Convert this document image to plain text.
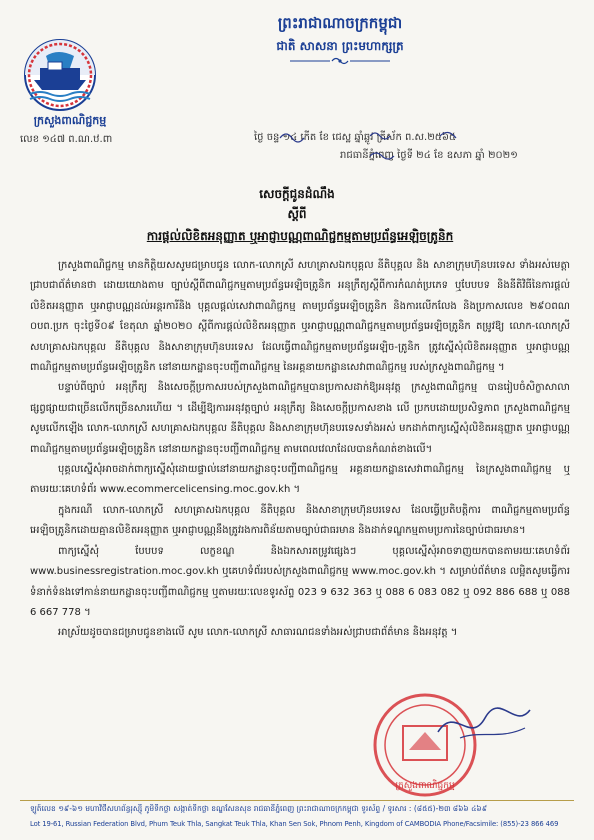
ក្រសួងពាណិជ្ជកម្ម
ព្រះរាជាណាចក្រកម្ពុជា
ជាតិ សាសនា ព្រះមហាក្សត្រ
លេខ ១៤៧ ព.ណ.ឋ.ពា	ថ្ងៃ ចន្ទ ១៤ កើត ខែ ជេស្ឋ ឆ្នាំឆ្លូវ ត្រីស័ក ព.ស.២៥៦៥
រាជធានីភ្នំពេញ ថ្ងៃទី ២៤ ខែ ឧសភា ឆ្នាំ ២០២១
សេចក្តីជូនដំណឹង
ស្តីពី
ការផ្តល់លិខិតអនុញ្ញាត ឬអាជ្ញាបណ្ណពាណិជ្ជកម្មតាមប្រព័ន្ធអេឡិចត្រូនិក

ក្រសួងពាណិជ្ជកម្ម មានកិត្តិយសសូមជម្រាបជូន លោក-លោកស្រី សហគ្រាសឯកបុគ្គល នីតិបុគ្គល និង សាខាក្រុមហ៊ុនបរទេស ទាំងអស់មេត្តាជ្រាបជាព័ត៌មានថា ដោយយោងតាម ច្បាប់ស្តីពីពាណិជ្ជកម្មតាមប្រព័ន្ធអេឡិចត្រូនិក អនុក្រឹត្យស្តីពីការកំណត់ប្រភេទ ឬបែបបទ និងនីតិវិធីនៃការផ្តល់លិខិតអនុញ្ញាត ឬអាជ្ញាបណ្ណដល់អន្តរការីនិង បុគ្គលផ្តល់សេវាពាណិជ្ជកម្ម តាមប្រព័ន្ធអេឡិចត្រូនិក និងការលើកលែង និងប្រកាសលេខ ២៩០ពណ ០បព.ប្រក ចុះថ្ងៃទី០៩ ខែតុលា ឆ្នាំ២០២០ ស្តីពីការផ្តល់លិខិតអនុញ្ញាត ឬអាជ្ញាបណ្ណពាណិជ្ជកម្មតាមប្រព័ន្ធអេឡិចត្រូនិក តម្រូវឱ្យ លោក-លោកស្រី សហគ្រាសឯកបុគ្គល នីតិបុគ្គល និងសាខាក្រុមហ៊ុនបរទេស ដែលធ្វើពាណិជ្ជកម្មតាមប្រព័ន្ធអេឡិច-ត្រូនិក ត្រូវស្នើសុំលិខិតអនុញ្ញាត ឬអាជ្ញាបណ្ណពាណិជ្ជកម្មតាមប្រព័ន្ធអេឡិចត្រូនិក នៅនាយកដ្ឋានចុះបញ្ជីពាណិជ្ជកម្ម នៃអគ្គនាយកដ្ឋានសេវាពាណិជ្ជកម្ម របស់ក្រសួងពាណិជ្ជកម្ម ។

បន្ទាប់ពីច្បាប់ អនុក្រឹត្យ និងសេចក្តីប្រកាសរបស់ក្រសួងពាណិជ្ជកម្មបានប្រកាសដាក់ឱ្យអនុវត្ត ក្រសួងពាណិជ្ជកម្ម បានរៀបចំសិក្ខាសាលាផ្សព្វផ្សាយជាច្រើនលើកច្រើនសារហើយ ។ ដើម្បីឱ្យការអនុវត្តច្បាប់ អនុក្រឹត្យ និងសេចក្តីប្រកាសខាង លើ ប្រកបដោយប្រសិទ្ធភាព ក្រសួងពាណិជ្ជកម្មសូមលើកឡើង លោក-លោកស្រី សហគ្រាសឯកបុគ្គល នីតិបុគ្គល និងសាខាក្រុមហ៊ុនបរទេសទាំងអស់ មកដាក់ពាក្យស្នើសុំលិខិតអនុញ្ញាត ឬអាជ្ញាបណ្ណ ពាណិជ្ជកម្មតាមប្រព័ន្ធអេឡិចត្រូនិក នៅនាយកដ្ឋានចុះបញ្ជីពាណិជ្ជកម្ម តាមពេលវេលាដែលបានកំណត់ខាងលើ។

បុគ្គលស្នើសុំអាចដាក់ពាក្យស្នើសុំដោយផ្ទាល់នៅនាយកដ្ឋានចុះបញ្ជីពាណិជ្ជកម្ម អគ្គនាយកដ្ឋានសេវាពាណិជ្ជកម្ម នៃក្រសួងពាណិជ្ជកម្ម ឬតាមរយៈគេហទំព័រ www.ecommercelicensing.moc.gov.kh ។

ក្នុងករណី លោក-លោកស្រី សហគ្រាសឯកបុគ្គល នីតិបុគ្គល និងសាខាក្រុមហ៊ុនបរទេស ដែលធ្វើប្រតិបត្តិការ ពាណិជ្ជកម្មតាមប្រព័ន្ធអេឡិចត្រូនិកដោយគ្មានលិខិតអនុញ្ញាត ឬអាជ្ញាបណ្ណនឹងត្រូវរងការពិន័យតាមច្បាប់ជាធរមាន និងដាក់ទណ្ឌកម្មតាមប្រការនៃច្បាប់ជាធរមាន។

ពាក្យស្នើសុំ បែបបទ លក្ខខណ្ឌ និងឯកសារតម្រូវផ្សេងៗ បុគ្គលស្នើសុំអាចទាញយកបានតាមរយៈគេហទំព័រ www.businessregistration.moc.gov.kh ឬគេហទំព័ររបស់ក្រសួងពាណិជ្ជកម្ម www.moc.gov.kh ។ សម្រាប់ព័ត៌មាន លម្អិតសូមធ្វើការទំនាក់ទំនងទៅកាន់នាយកដ្ឋានចុះបញ្ជីពាណិជ្ជកម្ម ឬតាមរយៈលេខទូរស័ព្ទ 023 9 632 363 ឬ 088 6 083 082 ឬ 092 886 688 ឬ 088 6 667 778 ។

អាស្រ័យដូចបានជម្រាបជូនខាងលើ សូម លោក-លោកស្រី សាធារណជនទាំងអស់ជ្រាបជាព័ត៌មាន និងអនុវត្ត ។

ក្រសួងពាណិជ្ជកម្ម
ឡូត៍លេខ ១៩-៦១ មហាវិថីសហព័ន្ធរុស្ស៊ី ភូមិទឹកថ្លា សង្កាត់ទឹកថ្លា ខណ្ឌសែនសុខ រាជធានីភ្នំពេញ ព្រះរាជាណាចក្រកម្ពុជា ទូរស័ព្ទ / ទូរសារ : (៨៥៥)-២៣ ៨៦៦ ៤៦៩
Lot 19-61, Russian Federation Blvd, Phum Teuk Thla, Sangkat Teuk Thla, Khan Sen Sok, Phnom Penh, Kingdom of CAMBODIA Phone/Facsimile: (855)-23 866 469
